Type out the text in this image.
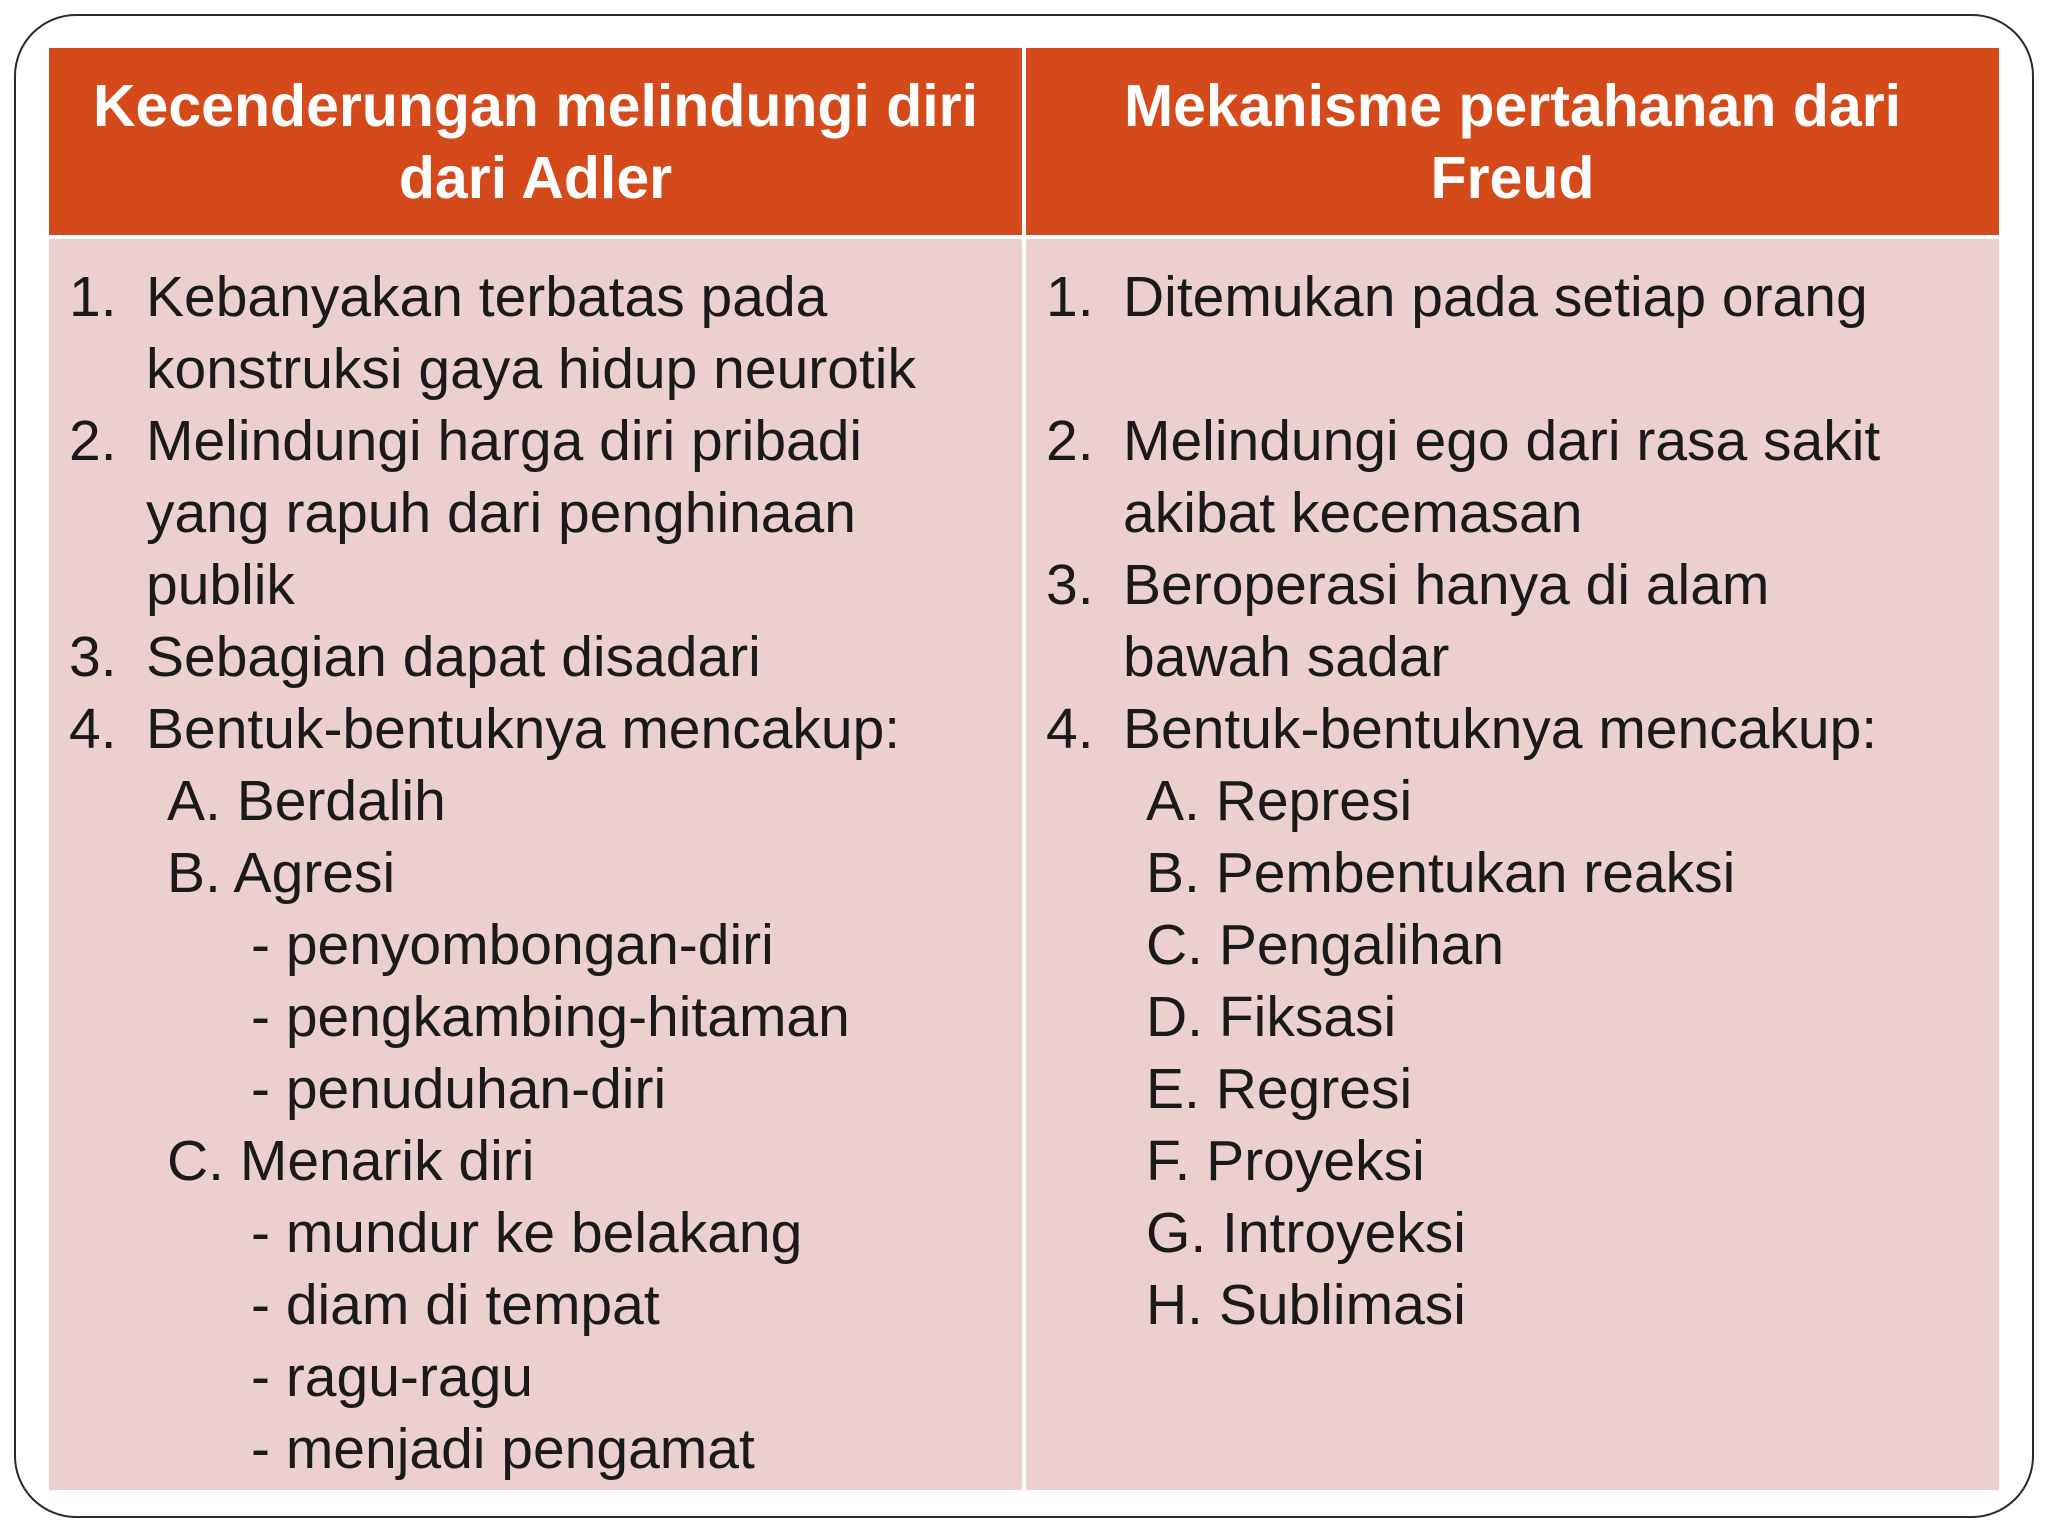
Kecenderungan melindungi diri dari Adler
Mekanisme pertahanan dari Freud
1. Kebanyakan terbatas pada
konstruksi gaya hidup neurotik
2. Melindungi harga diri pribadi
yang rapuh dari penghinaan
publik
3. Sebagian dapat disadari
4. Bentuk-bentuknya mencakup:
A. Berdalih
B. Agresi
- penyombongan-diri
- pengkambing-hitaman
- penuduhan-diri
C. Menarik diri
- mundur ke belakang
- diam di tempat
- ragu-ragu
- menjadi pengamat
1. Ditemukan pada setiap orang
2. Melindungi ego dari rasa sakit
akibat kecemasan
3. Beroperasi hanya di alam
bawah sadar
4. Bentuk-bentuknya mencakup:
A. Represi
B. Pembentukan reaksi
C. Pengalihan
D. Fiksasi
E. Regresi
F. Proyeksi
G. Introyeksi
H. Sublimasi
